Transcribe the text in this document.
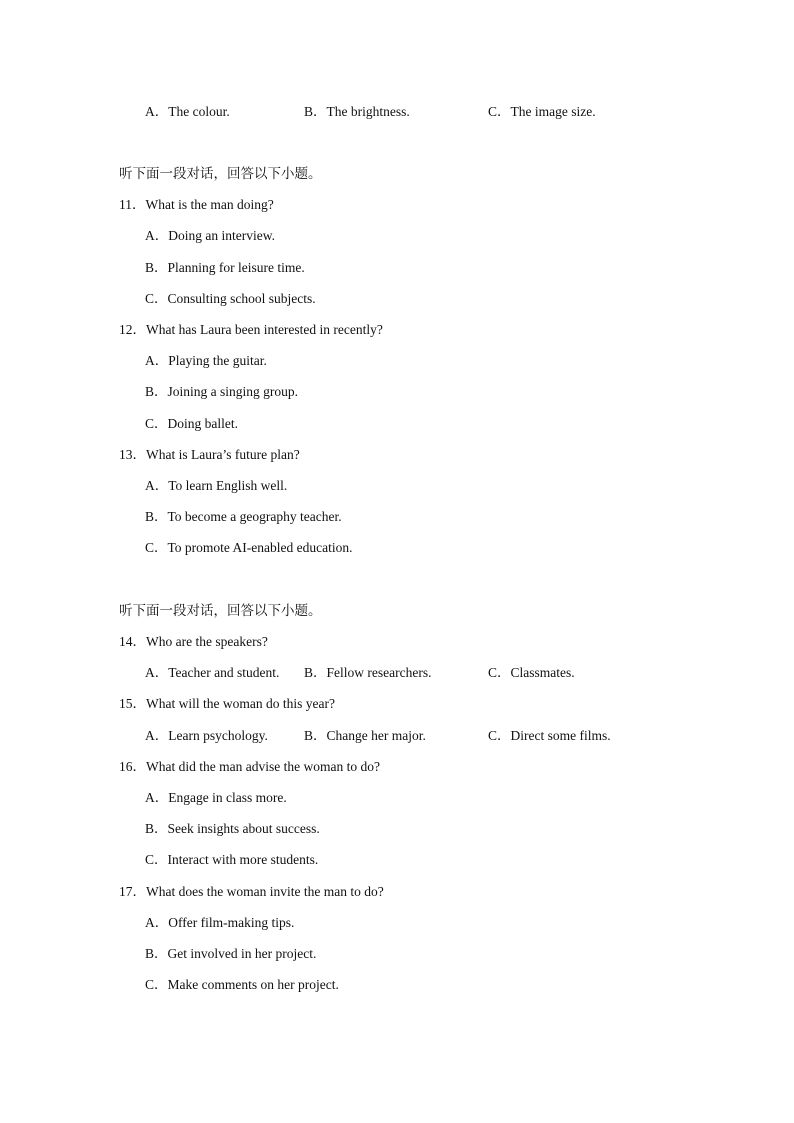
A．The colour.	B．The brightness.	C．The image size.
听下面一段对话，回答以下小题。
11．What is the man doing?
A．Doing an interview.
B．Planning for leisure time.
C．Consulting school subjects.
12．What has Laura been interested in recently?
A．Playing the guitar.
B．Joining a singing group.
C．Doing ballet.
13．What is Laura’s future plan?
A．To learn English well.
B．To become a geography teacher.
C．To promote AI-enabled education.
听下面一段对话，回答以下小题。
14．Who are the speakers?
A．Teacher and student. B．Fellow researchers.	C．Classmates.
15．What will the woman do this year?
A．Learn psychology.	B．Change her major.	C．Direct some films.
16．What did the man advise the woman to do?
A．Engage in class more.
B．Seek insights about success.
C．Interact with more students.
17．What does the woman invite the man to do?
A．Offer film-making tips.
B．Get involved in her project.
C．Make comments on her project.
